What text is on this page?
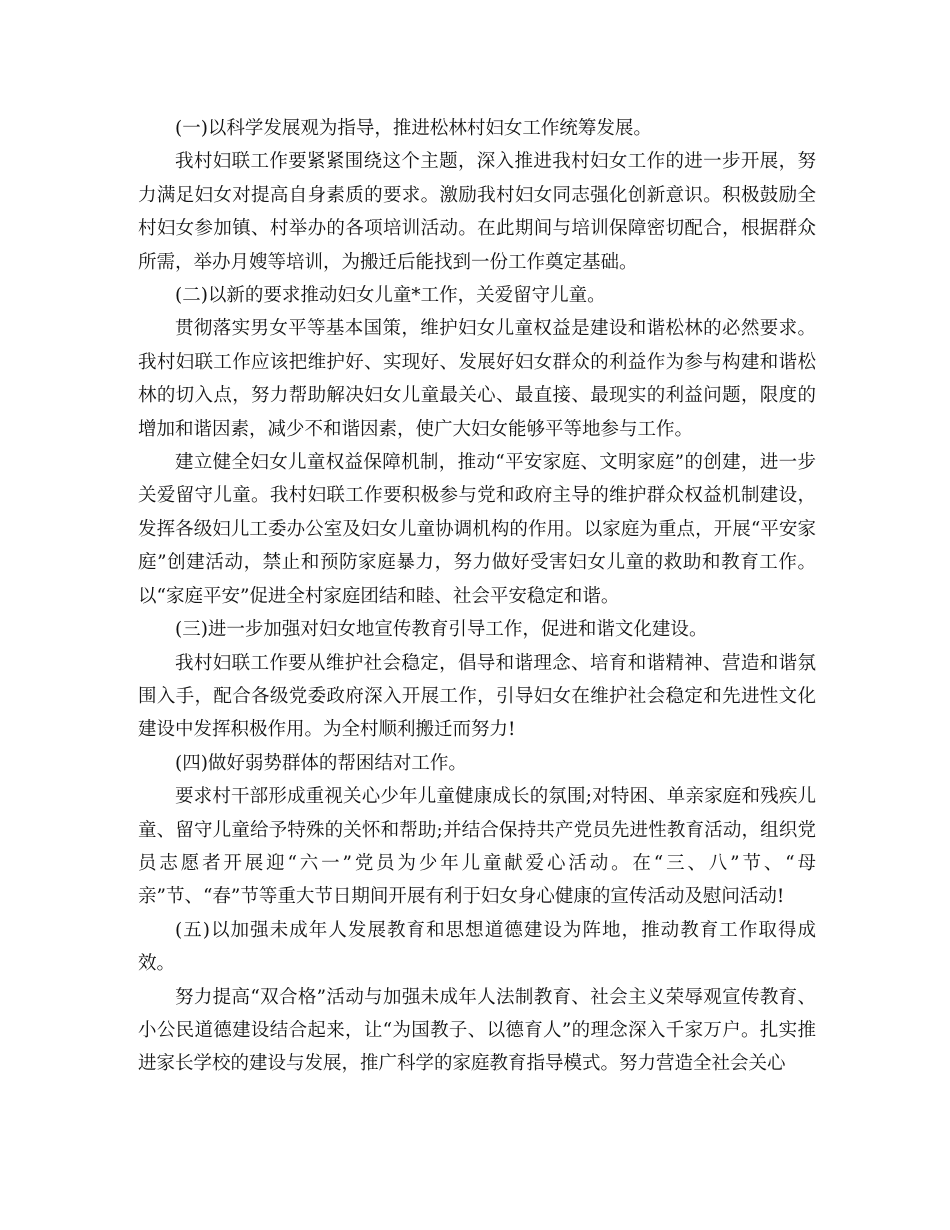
(一)以科学发展观为指导，推进松林村妇女工作统筹发展。

我村妇联工作要紧紧围绕这个主题，深入推进我村妇女工作的进一步开展，努力满足妇女对提高自身素质的要求。激励我村妇女同志强化创新意识。积极鼓励全村妇女参加镇、村举办的各项培训活动。在此期间与培训保障密切配合，根据群众所需，举办月嫂等培训，为搬迁后能找到一份工作奠定基础。

(二)以新的要求推动妇女儿童*工作，关爱留守儿童。

贯彻落实男女平等基本国策，维护妇女儿童权益是建设和谐松林的必然要求。我村妇联工作应该把维护好、实现好、发展好妇女群众的利益作为参与构建和谐松林的切入点，努力帮助解决妇女儿童最关心、最直接、最现实的利益问题，限度的增加和谐因素，减少不和谐因素，使广大妇女能够平等地参与工作。

建立健全妇女儿童权益保障机制，推动“平安家庭、文明家庭”的创建，进一步关爱留守儿童。我村妇联工作要积极参与党和政府主导的维护群众权益机制建设，发挥各级妇儿工委办公室及妇女儿童协调机构的作用。以家庭为重点，开展“平安家庭”创建活动，禁止和预防家庭暴力，努力做好受害妇女儿童的救助和教育工作。以“家庭平安”促进全村家庭团结和睦、社会平安稳定和谐。

(三)进一步加强对妇女地宣传教育引导工作，促进和谐文化建设。

我村妇联工作要从维护社会稳定，倡导和谐理念、培育和谐精神、营造和谐氛围入手，配合各级党委政府深入开展工作，引导妇女在维护社会稳定和先进性文化建设中发挥积极作用。为全村顺利搬迁而努力!

(四)做好弱势群体的帮困结对工作。

要求村干部形成重视关心少年儿童健康成长的氛围;对特困、单亲家庭和残疾儿童、留守儿童给予特殊的关怀和帮助;并结合保持共产党员先进性教育活动，组织党员志愿者开展迎“六一”党员为少年儿童献爱心活动。在“三、八”节、“母亲”节、“春”节等重大节日期间开展有利于妇女身心健康的宣传活动及慰问活动!

(五)以加强未成年人发展教育和思想道德建设为阵地，推动教育工作取得成效。

努力提高“双合格”活动与加强未成年人法制教育、社会主义荣辱观宣传教育、小公民道德建设结合起来，让“为国教子、以德育人”的理念深入千家万户。扎实推进家长学校的建设与发展，推广科学的家庭教育指导模式。努力营造全社会关心
